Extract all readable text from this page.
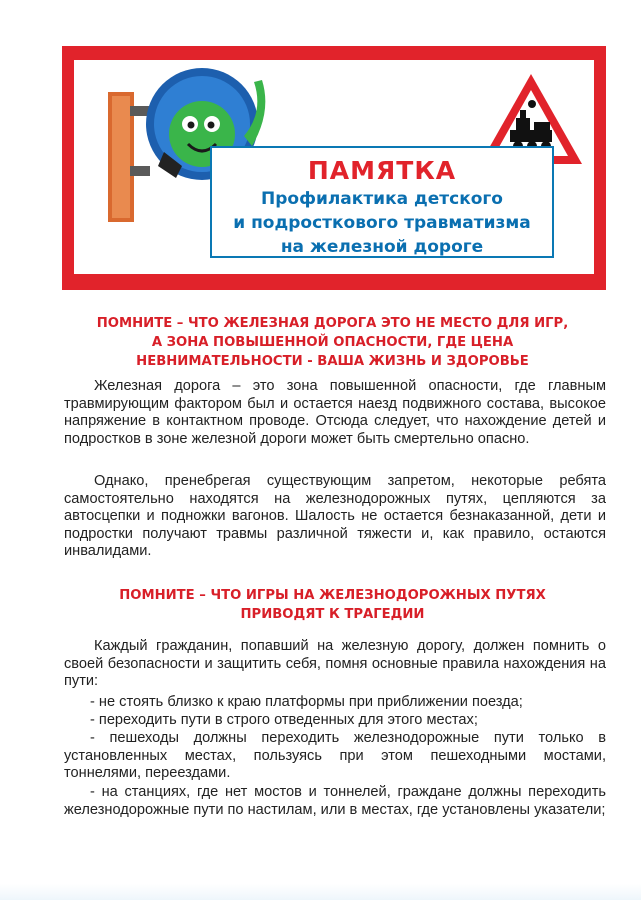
ПАМЯТКА
Профилактика детского
и подросткового травматизма
на железной дороге
ПОМНИТЕ – ЧТО ЖЕЛЕЗНАЯ ДОРОГА ЭТО НЕ МЕСТО ДЛЯ ИГР,
А ЗОНА ПОВЫШЕННОЙ ОПАСНОСТИ, ГДЕ ЦЕНА
НЕВНИМАТЕЛЬНОСТИ - ВАША ЖИЗНЬ И ЗДОРОВЬЕ

Железная дорога – это зона повышенной опасности, где главным травмирующим фактором был и остается наезд подвижного состава, высокое напряжение в контактном проводе. Отсюда следует, что нахождение детей и подростков в зоне железной дороги может быть смертельно опасно.

Однако, пренебрегая существующим запретом, некоторые ребята самостоятельно находятся на железнодорожных путях, цепляются за автосцепки и подножки вагонов. Шалость не остается безнаказанной, дети и подростки получают травмы различной тяжести и, как правило, остаются инвалидами.

ПОМНИТЕ – ЧТО ИГРЫ НА ЖЕЛЕЗНОДОРОЖНЫХ ПУТЯХ
ПРИВОДЯТ К ТРАГЕДИИ

Каждый гражданин, попавший на железную дорогу, должен помнить о своей безопасности и защитить себя, помня основные правила нахождения на пути:

- не стоять близко к краю платформы при приближении поезда;

- переходить пути в строго отведенных для этого местах;

- пешеходы должны переходить железнодорожные пути только в установленных местах, пользуясь при этом пешеходными мостами, тоннелями, переездами.

- на станциях, где нет мостов и тоннелей, граждане должны переходить железнодорожные пути по настилам, или в местах, где установлены указатели;
